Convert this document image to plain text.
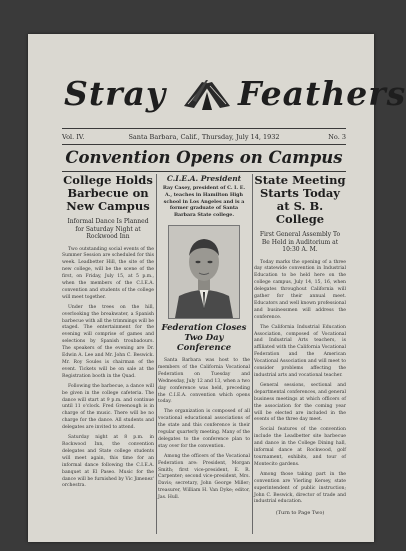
Stray Feathers
Vol. IV.	Santa Barbara, Calif., Thursday, July 14, 1932	No. 3
Convention Opens on Campus
College Holds Barbecue on New Campus
Informal Dance Is Planned for Saturday Night at Rockwood Inn

Two outstanding social events of the Summer Session are scheduled for this week. Leadbetter Hill, the site of the new college, will be the scene of the first, on Friday, July 15, at 5 p.m., when the members of the C.I.E.A. convention and students of the college will meet together.

Under the trees on the hill, overlooking the breakwater, a Spanish barbecue with all the trimmings will be staged. The entertainment for the evening will comprise of games and selections by Spanish troubadours. The speakers of the evening are Dr. Edwin A. Lee and Mr. John C. Beswick. Mr. Roy Soules is chairman of the event. Tickets will be on sale at the Registration booth in the Quad.

Following the barbecue, a dance will be given in the college cafeteria. The dance will start at 9 p.m. and continue until 11 o'clock. Fred Greenough is in charge of the music. There will be no charge for the dance. All students and delegates are invited to attend.

Saturday night at 8 p.m. in Rockwood Inn, the convention delegates and State college students will meet again, this time for an informal dance following the C.I.E.A. banquet at El Paseo. Music for the dance will be furnished by Vic Jimenez' orchestra.

C.I.E.A. President
Ray Casey, president of C. I. E. A., teaches in Hamilton High school in Los Angeles and is a former graduate of Santa Barbara State college.
Federation Closes Two Day Conference

Santa Barbara was host to the members of the California Vocational Federation on Tuesday and Wednesday, July 12 and 13, when a two day conference was held, preceding the C.I.E.A. convention which opens today.

The organization is composed of all vocational educational associations of the state and this conference is their regular quarterly meeting. Many of the delegates to the conference plan to stay over for the convention.

Among the officers of the Vocational Federation are: President, Morgan Smith; first vice-president, E. R. Carpenter; second vice-president, Mrs. Davis; secretary, John George Miller; treasurer, William H. Van Dyke; editor, Jas. Hull.

State Meeting Starts Today at S. B. College
First General Assembly To Be Held in Auditorium at 10:30 A. M.

Today marks the opening of a three day statewide convention in Industrial Education to be held here on the college campus, July 14, 15, 16, when delegates throughout California will gather for their annual meet. Educators and well known professional and businessmen will address the conference.

The California Industrial Education Association, composed of Vocational and Industrial Arts teachers, is affiliated with the California Vocational Federation and the American Vocational Association and will meet to consider problems affecting the industrial arts and vocational teacher.

General sessions, sectional and departmental conferences, and general business meetings at which officers of the association for the coming year will be elected are included in the events of the three day meet.

Social features of the convention include the Leadbetter site barbecue and dance in the College Dining hall, informal dance at Rockwood, golf tournament, exhibits, and tour of Montecito gardens.

Among those taking part in the convention are Vierling Kersey, state superintendent of public instruction; John C. Beswick, director of trade and industrial education.

(Turn to Page Two)
